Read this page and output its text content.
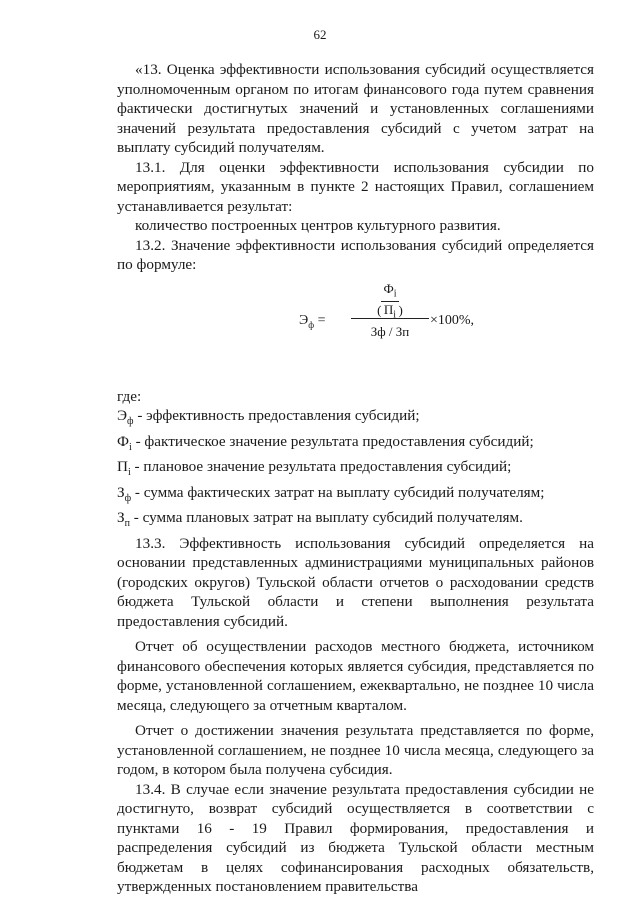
62

«13. Оценка эффективности использования субсидий осуществляется уполномоченным органом по итогам финансового года путем сравнения фактически достигнутых значений и установленных соглашениями значений результата предоставления субсидий с учетом затрат на выплату субсидий получателям.

13.1. Для оценки эффективности использования субсидии по мероприятиям, указанным в пункте 2 настоящих Правил, соглашением устанавливается результат:

количество построенных центров культурного развития.

13.2. Значение эффективности использования субсидий определяется по формуле:

$Э_ф$ =
( $\frac{Ф_i}{П_i}$ )
Зф / Зп
×100%,

где:

$Э_ф$ - эффективность предоставления субсидий;

$Ф_i$ - фактическое значение результата предоставления субсидий;

$П_i$ - плановое значение результата предоставления субсидий;

$З_ф$ - сумма фактических затрат на выплату субсидий получателям;

$З_п$ - сумма плановых затрат на выплату субсидий получателям.

13.3. Эффективность использования субсидий определяется на основании представленных администрациями муниципальных районов (городских округов) Тульской области отчетов о расходовании средств бюджета Тульской области и степени выполнения результата предоставления субсидий.

Отчет об осуществлении расходов местного бюджета, источником финансового обеспечения которых является субсидия, представляется по форме, установленной соглашением, ежеквартально, не позднее 10 числа месяца, следующего за отчетным кварталом.

Отчет о достижении значения результата представляется по форме, установленной соглашением, не позднее 10 числа месяца, следующего за годом, в котором была получена субсидия.

13.4. В случае если значение результата предоставления субсидии не достигнуто, возврат субсидий осуществляется в соответствии с пунктами 16 - 19 Правил формирования, предоставления и распределения субсидий из бюджета Тульской области местным бюджетам в целях софинансирования расходных обязательств, утвержденных постановлением правительства
